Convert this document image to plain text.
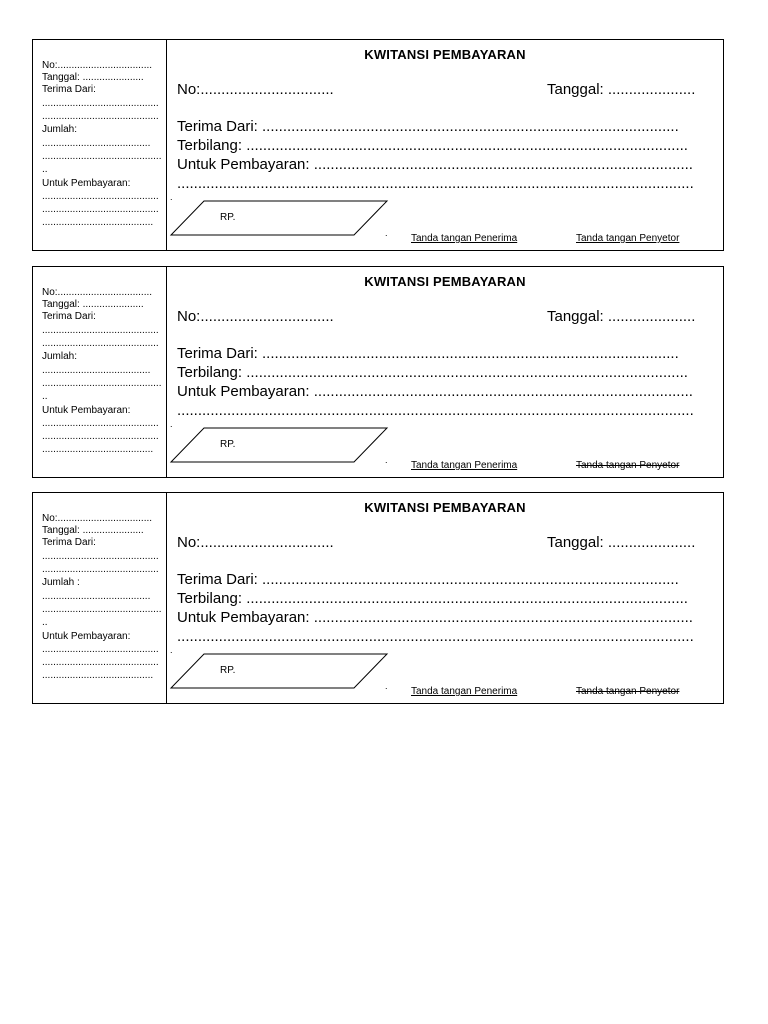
No:..................................
Tanggal: ......................
Terima Dari:
..........................................
..........................................
Jumlah:
.......................................
...........................................
..
Untuk Pembayaran:
..........................................
..........................................
........................................
KWITANSI PEMBAYARAN
No:................................	Tanggal: .....................
Terima Dari: ....................................................................................................
Terbilang: ..........................................................................................................
Untuk Pembayaran: ...........................................................................................
............................................................................................................................
.
RP.
. Tanda tangan Penerima	Tanda tangan Penyetor
No:..................................
Tanggal: ......................
Terima Dari:
..........................................
..........................................
Jumlah:
.......................................
...........................................
..
Untuk Pembayaran:
..........................................
..........................................
........................................
KWITANSI PEMBAYARAN
No:................................	Tanggal: .....................
Terima Dari: ....................................................................................................
Terbilang: ..........................................................................................................
Untuk Pembayaran: ...........................................................................................
............................................................................................................................
.
RP.
. Tanda tangan Penerima	Tanda tangan Penyetor
No:..................................
Tanggal: ......................
Terima Dari:
..........................................
..........................................
Jumlah :
.......................................
...........................................
..
Untuk Pembayaran:
..........................................
..........................................
........................................
KWITANSI PEMBAYARAN
No:................................	Tanggal: .....................
Terima Dari: ....................................................................................................
Terbilang: ..........................................................................................................
Untuk Pembayaran: ...........................................................................................
............................................................................................................................
.
RP.
. Tanda tangan Penerima	Tanda tangan Penyetor
